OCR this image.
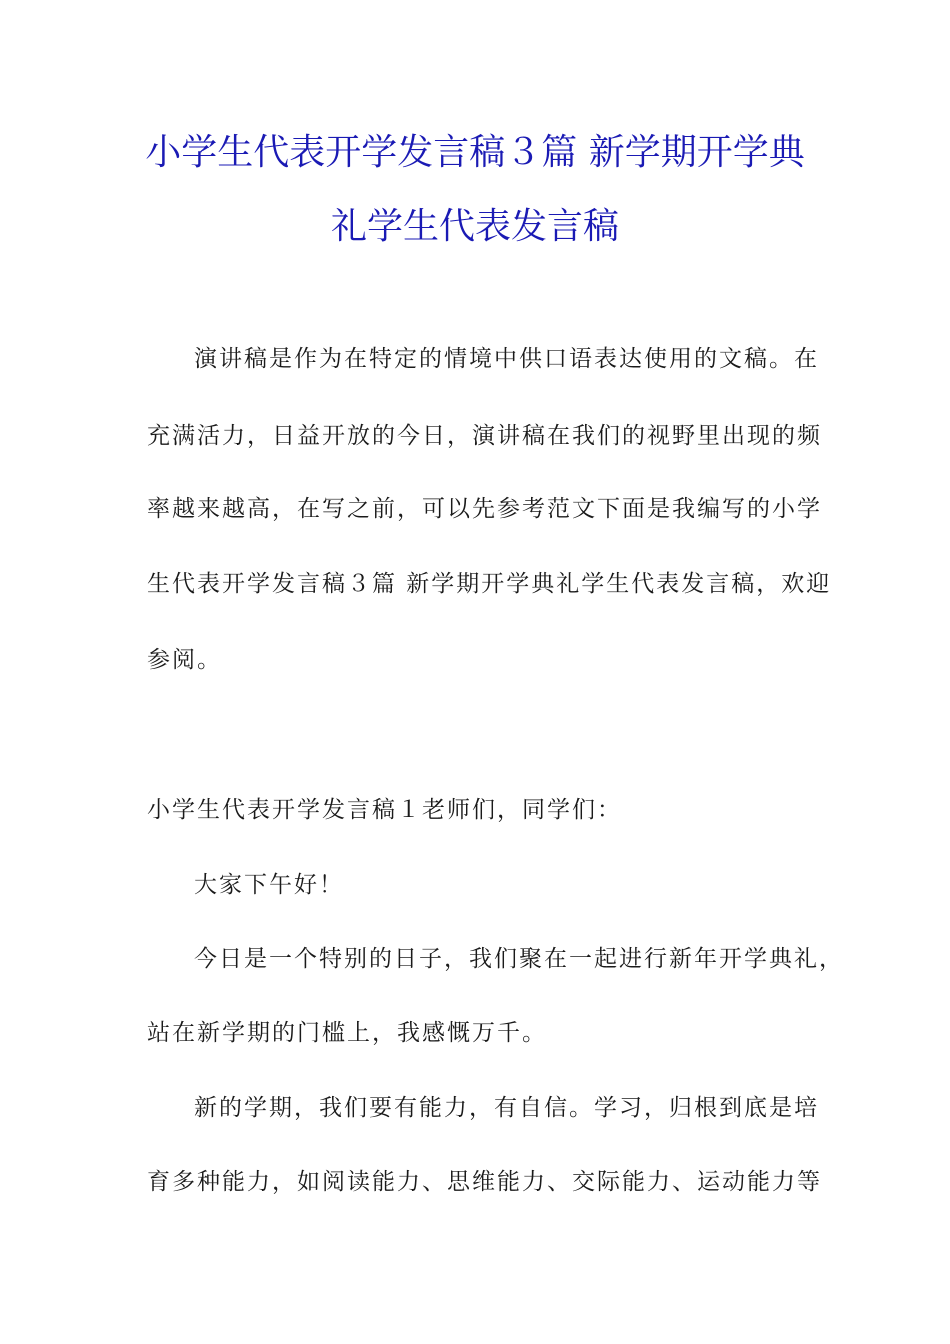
小学生代表开学发言稿３篇 新学期开学典
礼学生代表发言稿
演讲稿是作为在特定的情境中供口语表达使用的文稿。在
充满活力，日益开放的今日，演讲稿在我们的视野里出现的频
率越来越高，在写之前，可以先参考范文下面是我编写的小学
生代表开学发言稿３篇 新学期开学典礼学生代表发言稿，欢迎
参阅。
小学生代表开学发言稿１老师们，同学们：
大家下午好！
今日是一个特别的日子，我们聚在一起进行新年开学典礼，
站在新学期的门槛上，我感慨万千。
新的学期，我们要有能力，有自信。学习，归根到底是培
育多种能力，如阅读能力、思维能力、交际能力、运动能力等
